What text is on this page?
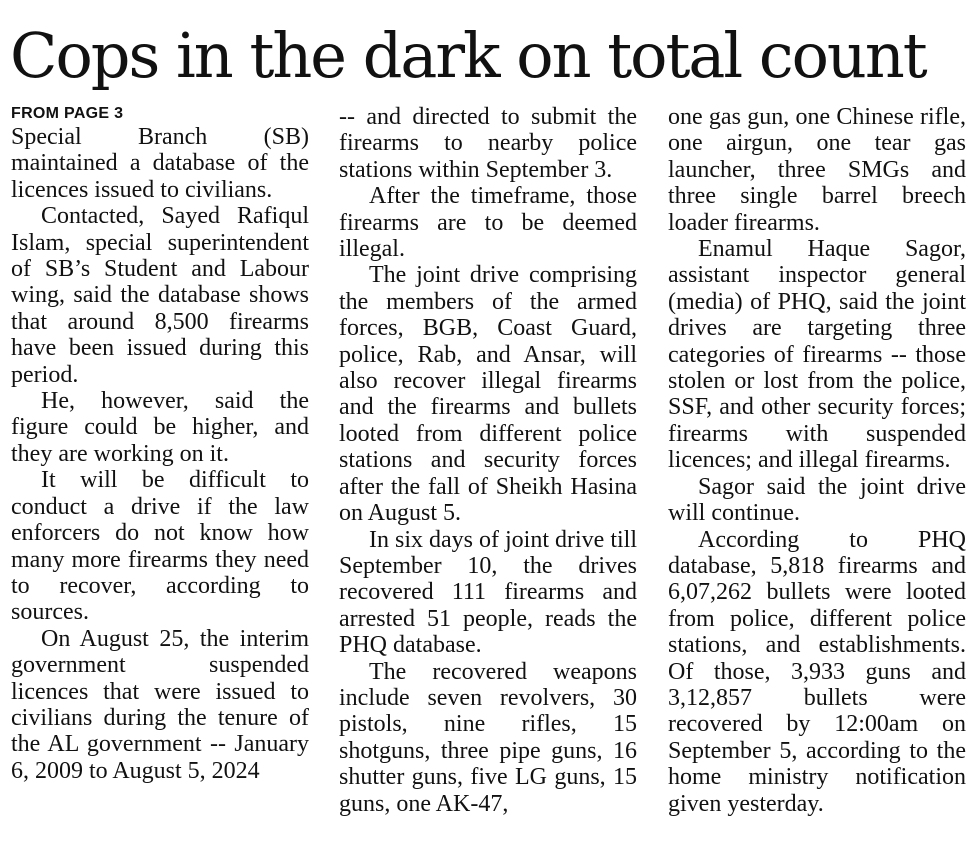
Cops in the dark on total count
FROM PAGE 3

Special Branch (SB) maintained a database of the licences issued to civilians.

Contacted, Sayed Rafiqul Islam, special superintendent of SB’s Student and Labour wing, said the database shows that around 8,500 firearms have been issued during this period.

He, however, said the figure could be higher, and they are working on it.

It will be difficult to conduct a drive if the law enforcers do not know how many more firearms they need to recover, according to sources.

On August 25, the interim government suspended licences that were issued to civilians during the tenure of the AL government -- January 6, 2009 to August 5, 2024

-- and directed to submit the firearms to nearby police stations within September 3.

After the timeframe, those firearms are to be deemed illegal.

The joint drive comprising the members of the armed forces, BGB, Coast Guard, police, Rab, and Ansar, will also recover illegal firearms and the firearms and bullets looted from different police stations and security forces after the fall of Sheikh Hasina on August 5.

In six days of joint drive till September 10, the drives recovered 111 firearms and arrested 51 people, reads the PHQ database.

The recovered weapons include seven revolvers, 30 pistols, nine rifles, 15 shotguns, three pipe guns, 16 shutter guns, five LG guns, 15 guns, one AK-47,

one gas gun, one Chinese rifle, one airgun, one tear gas launcher, three SMGs and three single barrel breech loader firearms.

Enamul Haque Sagor, assistant inspector general (media) of PHQ, said the joint drives are targeting three categories of firearms -- those stolen or lost from the police, SSF, and other security forces; firearms with suspended licences; and illegal firearms.

Sagor said the joint drive will continue.

According to PHQ database, 5,818 firearms and 6,07,262 bullets were looted from police, different police stations, and establishments. Of those, 3,933 guns and 3,12,857 bullets were recovered by 12:00am on September 5, according to the home ministry notification given yesterday.
